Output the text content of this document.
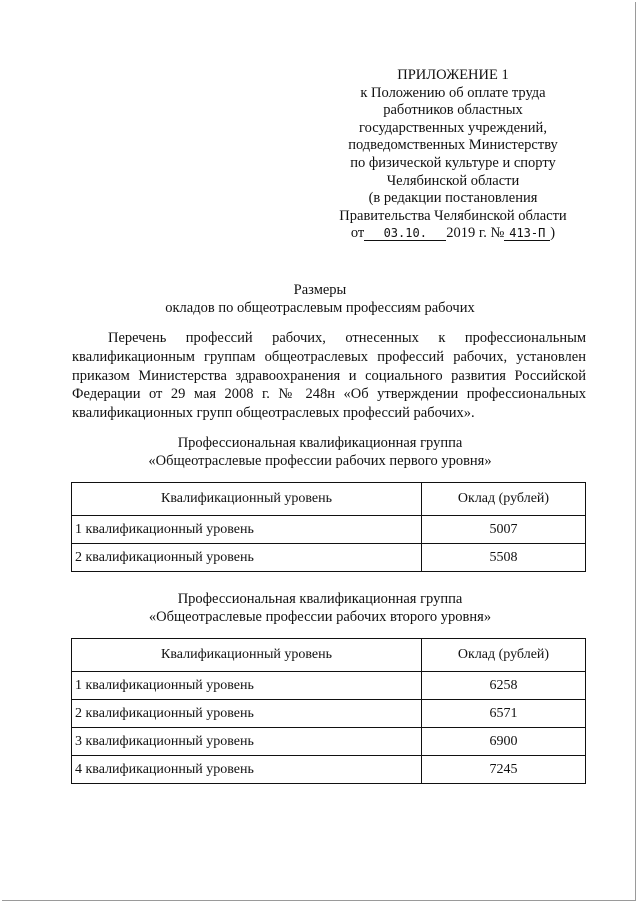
ПРИЛОЖЕНИЕ 1
к Положению об оплате труда
работников областных
государственных учреждений,
подведомственных Министерству
по физической культуре и спорту
Челябинской области
(в редакции постановления
Правительства Челябинской области
от 03.10. 2019 г. № 413-П )
Размеры
окладов по общеотраслевым профессиям рабочих

Перечень профессий рабочих, отнесенных к профессиональным квалификационным группам общеотраслевых профессий рабочих, установлен приказом Министерства здравоохранения и социального развития Российской Федерации от 29 мая 2008 г. № 248н «Об утверждении профессиональных квалификационных групп общеотраслевых профессий рабочих».

Профессиональная квалификационная группа
«Общеотраслевые профессии рабочих первого уровня»
Квалификационный уровень	Оклад (рублей)
1 квалификационный уровень	5007
2 квалификационный уровень	5508
Профессиональная квалификационная группа
«Общеотраслевые профессии рабочих второго уровня»
Квалификационный уровень	Оклад (рублей)
1 квалификационный уровень	6258
2 квалификационный уровень	6571
3 квалификационный уровень	6900
4 квалификационный уровень	7245
